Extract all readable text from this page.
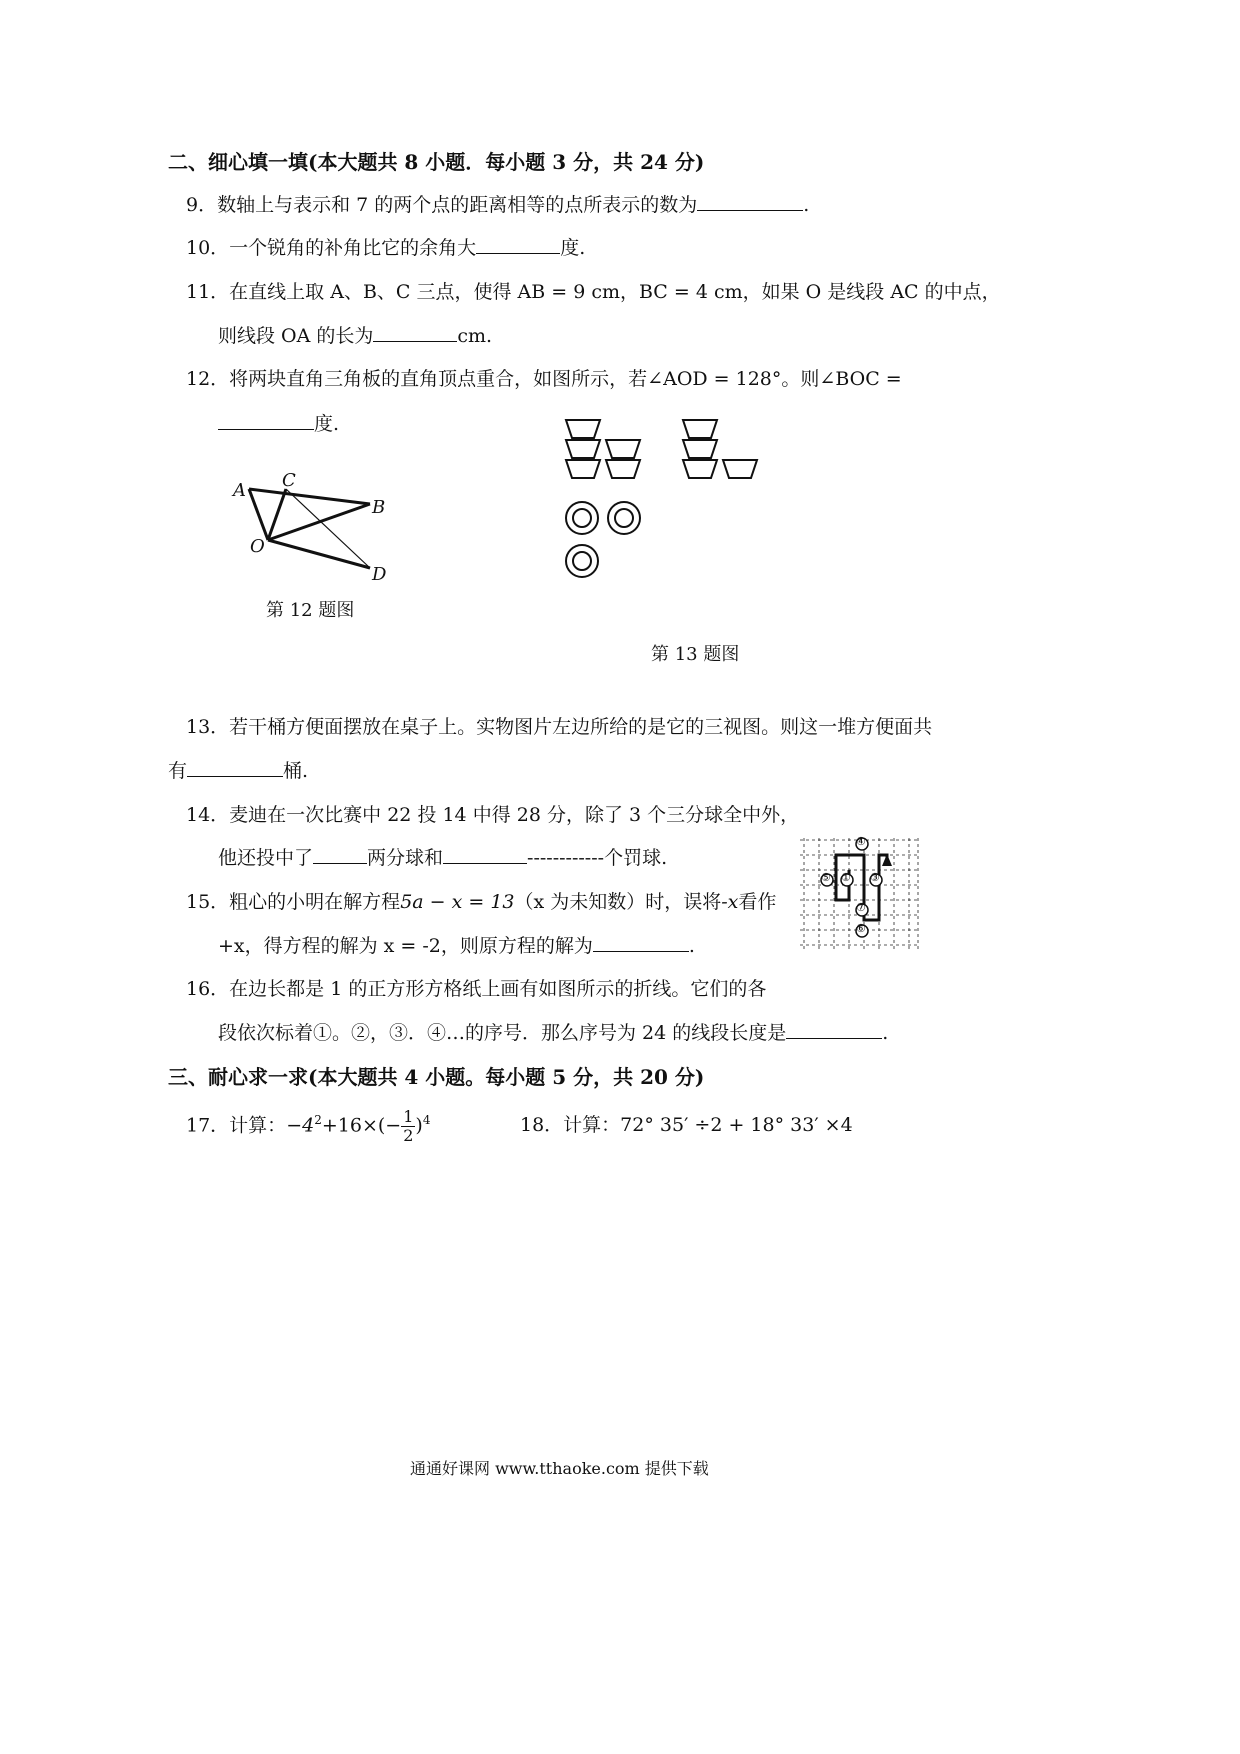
二、细心填一填(本大题共 8 小题．每小题 3 分，共 24 分)
9．数轴上与表示和 7 的两个点的距离相等的点所表示的数为	.
10．一个锐角的补角比它的余角大	度.
11．在直线上取 A、B、C 三点，使得 AB = 9 cm，BC = 4 cm，如果 O 是线段 AC 的中点，
则线段 OA 的长为	cm.
12．将两块直角三角板的直角顶点重合，如图所示，若∠AOD = 128°。则∠BOC =
度.
A C
B
O
D
第 12 题图
第 13 题图
13．若干桶方便面摆放在桌子上。实物图片左边所给的是它的三视图。则这一堆方便面共
有	桶.
14．麦迪在一次比赛中 22 投 14 中得 28 分，除了 3 个三分球全中外，
他还投中了	两分球和	------------个罚球.
15．粗心的小明在解方程5a − x = 13（x 为未知数）时，误将-x看作
+x，得方程的解为 x = -2，则原方程的解为	.
④
① ③
⑤
⑦
⑥
16．在边长都是 1 的正方形方格纸上画有如图所示的折线。它们的各
段依次标着①。②，③．④…的序号．那么序号为 24 的线段长度是	.
三、耐心求一求(本大题共 4 小题。每小题 5 分，共 20 分)
17．计算：$-4^2+16\times(- \frac{1}{2} )^4$	18．计算：72° 35′ ÷2 + 18° 33′ ×4
通通好课网 www.tthaoke.com 提供下载
